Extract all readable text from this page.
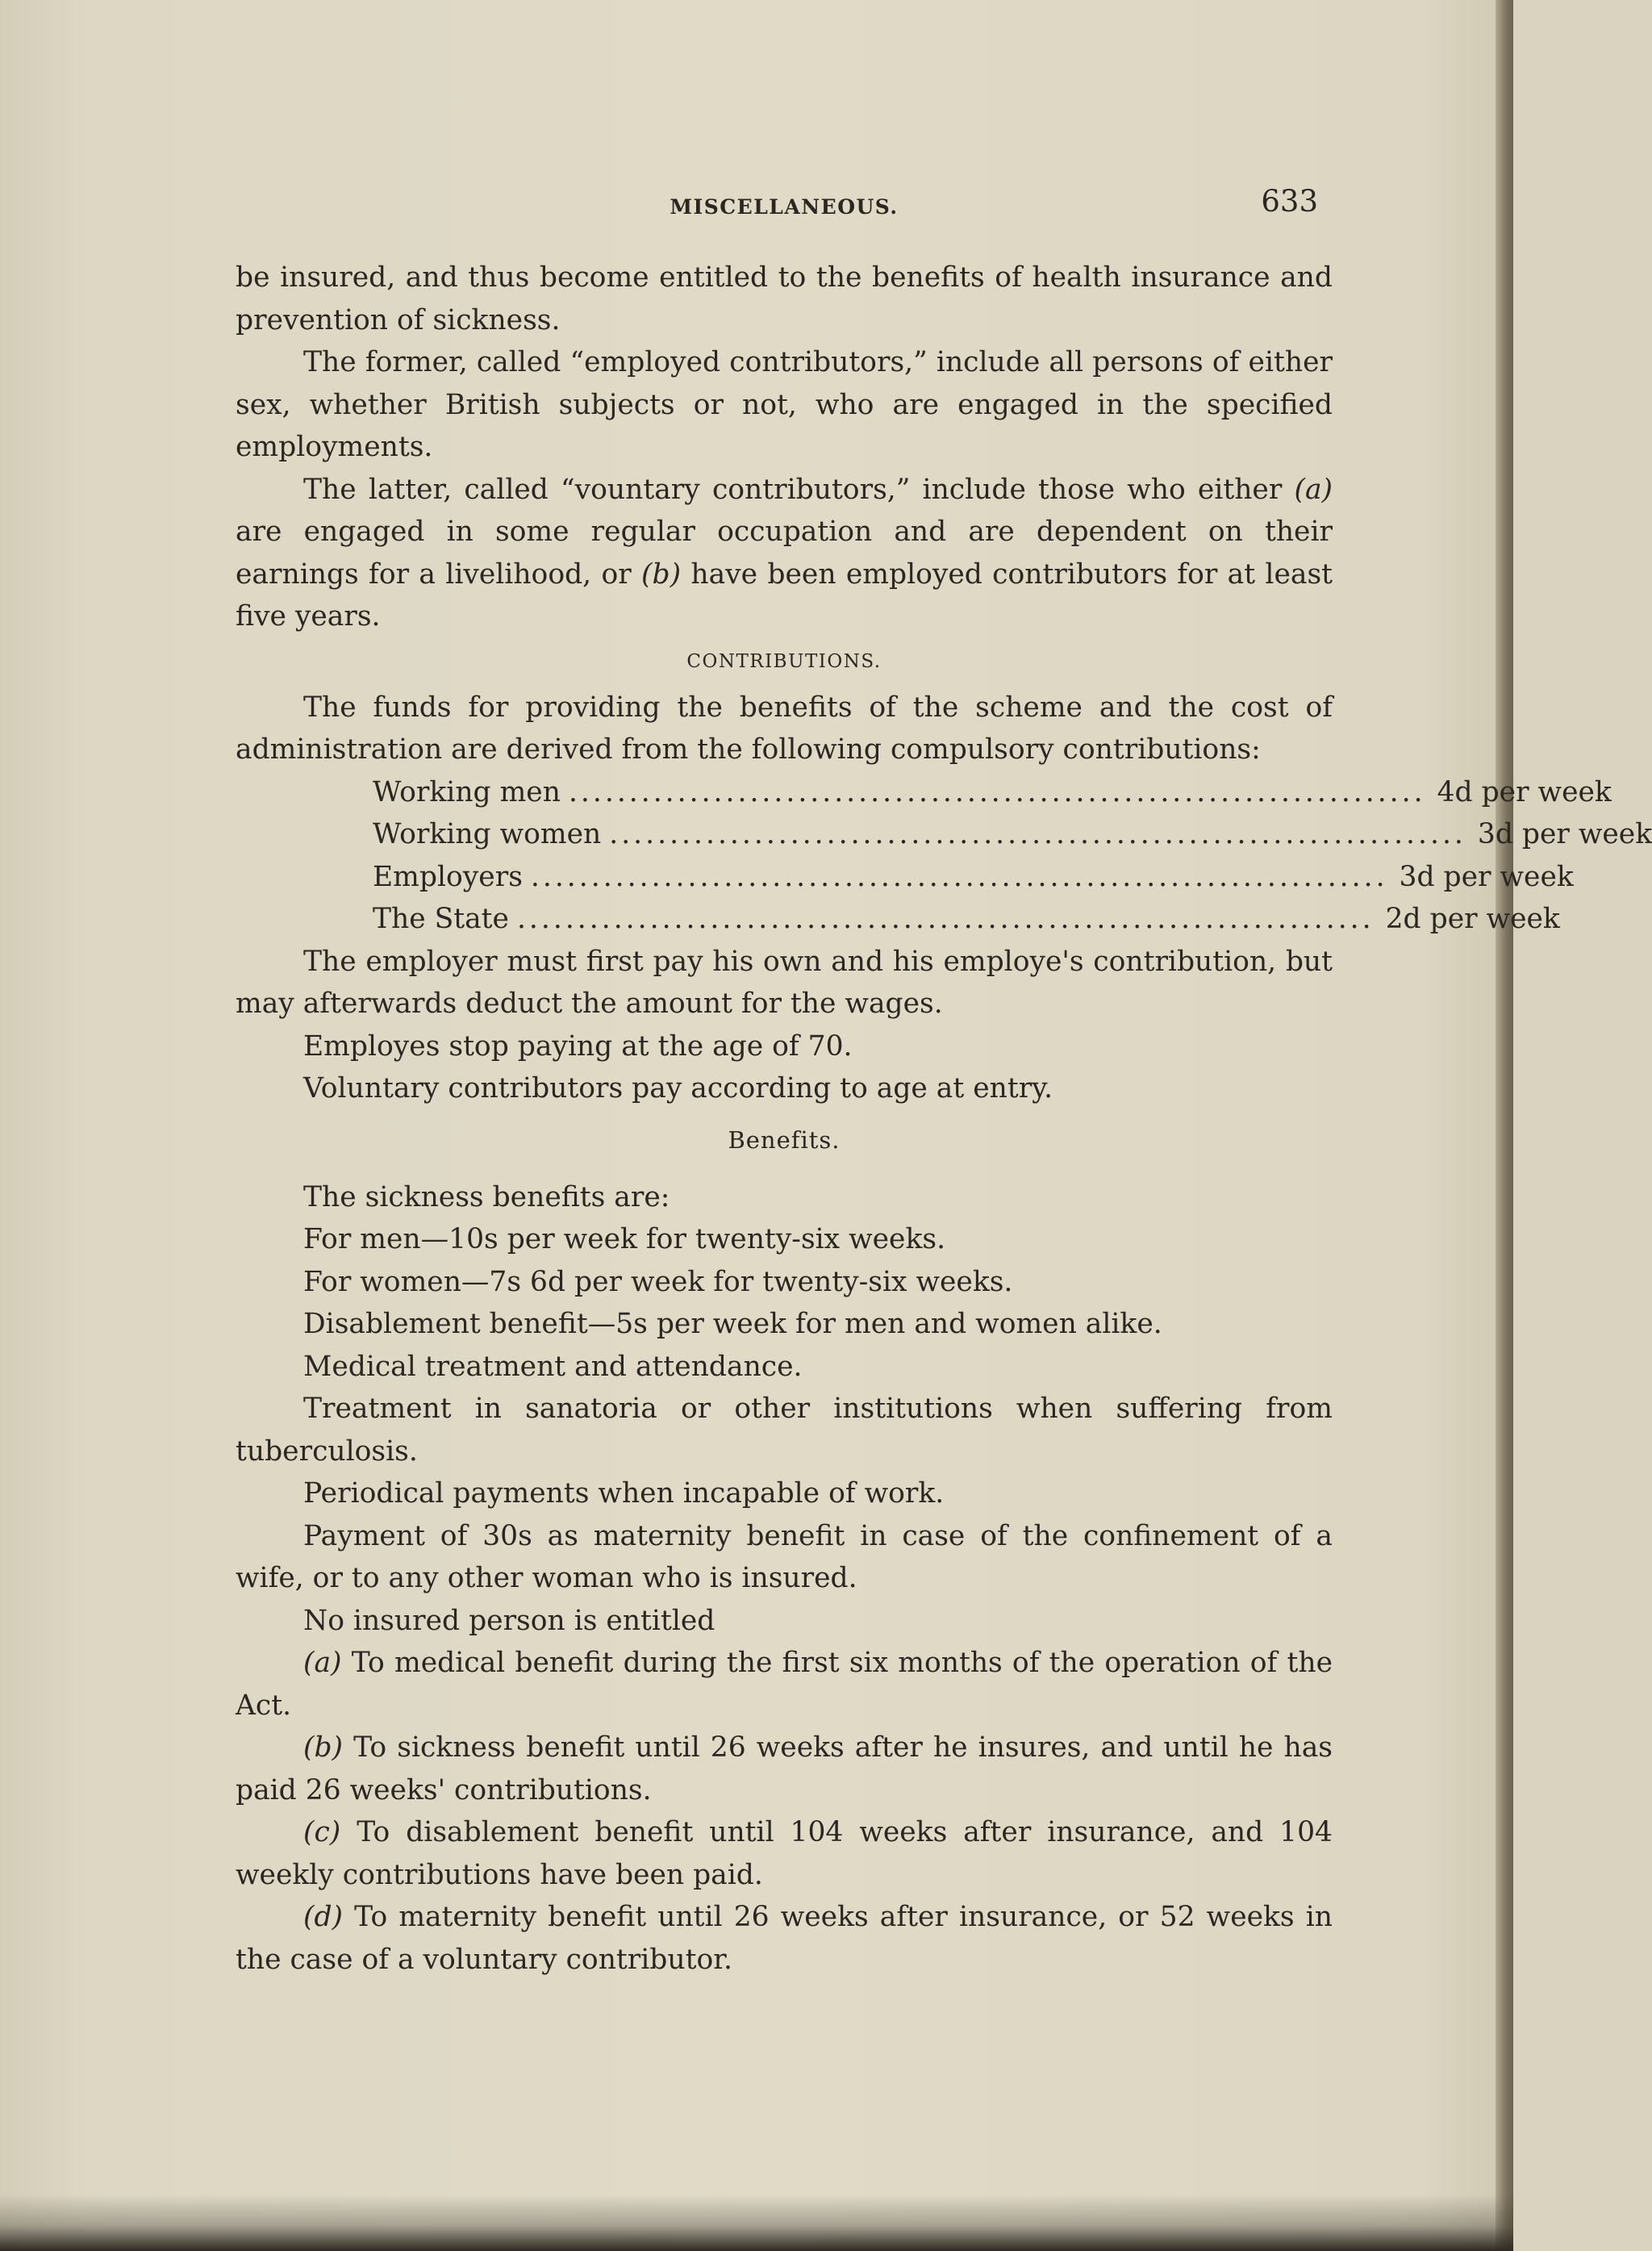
MISCELLANEOUS.	633

be insured, and thus become entitled to the benefits of health insurance and prevention of sickness.

The former, called “employed contributors,” include all persons of either sex, whether British subjects or not, who are engaged in the specified employments.

The latter, called “vountary contributors,” include those who either (a) are engaged in some regular occupation and are dependent on their earnings for a livelihood, or (b) have been employed contributors for at least five years.

CONTRIBUTIONS.

The funds for providing the benefits of the scheme and the cost of administration are derived from the following compulsory contributions:

Working men ....................................................................... 4d per week
Working women ....................................................................... 3d per week
Employers ....................................................................... 3d per week
The State ....................................................................... 2d per week

The employer must first pay his own and his employe's contribution, but may afterwards deduct the amount for the wages.

Employes stop paying at the age of 70.

Voluntary contributors pay according to age at entry.

Benefits.

The sickness benefits are:

For men—10s per week for twenty-six weeks.

For women—7s 6d per week for twenty-six weeks.

Disablement benefit—5s per week for men and women alike.

Medical treatment and attendance.

Treatment in sanatoria or other institutions when suffering from tuberculosis.

Periodical payments when incapable of work.

Payment of 30s as maternity benefit in case of the confinement of a wife, or to any other woman who is insured.

No insured person is entitled

(a) To medical benefit during the first six months of the operation of the Act.

(b) To sickness benefit until 26 weeks after he insures, and until he has paid 26 weeks' contributions.

(c) To disablement benefit until 104 weeks after insurance, and 104 weekly contributions have been paid.

(d) To maternity benefit until 26 weeks after insurance, or 52 weeks in the case of a voluntary contributor.
